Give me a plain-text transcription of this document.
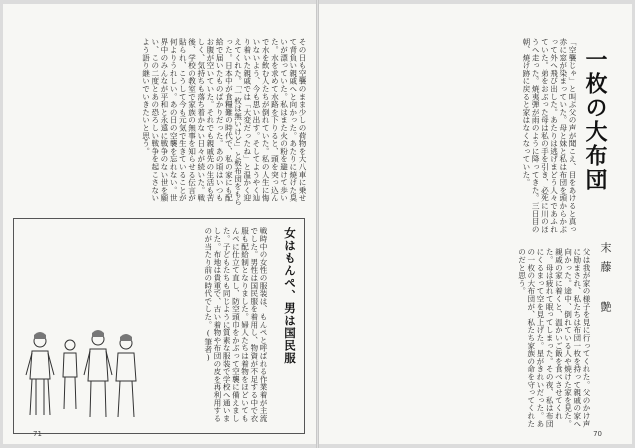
その日も空襲のまま少しの荷物を大八車に乗せて背負い親戚へと向かった。あたりに焼けた臭いが漂っていた。私はまた火の粉を避けて歩いた。水を求めて水路を下りると、頭を突っ込んで水を飲む人たちが倒れていた。私の人生に悔いないよう、今も思い出す。そしてようやく辿り着いた親戚では「大変だったね」と温かく迎えてくれた。「一枚は無いけど」と板布団をもらった。日本中が食糧難の時代で、私の家にも配給で届いたものばかりだった。あの頃はいつもお腹が空いていた。それでも親戚先の生活も苦しく、気持ちも落ち着かない日々が続いた。戦後、学校の教室で家族の無事を知らせる伝言が貼られ、こうして今も元気で生きていることが何よりうれしい。あの日の空襲を忘れない。世界中のみんなが平和と永遠に戦争のない世を願い、この二度とあの恐ろしい戦争を起こさないよう語り継いでいきたいと思う。
女はもんぺ、男は国民服
戦時中の女性の服装は、もんぺと呼ばれる作業着が主流でした。男性は国民服を着用し、物資が不足する中で衣服も配給制となりました。婦人たちは着物をほどいてもんぺに仕立て直し、防空頭巾をかぶって空襲に備えました。子どもたちも同じように質素な服装で学校へ通いました。布地は貴重で、古い着物や布団の皮を再利用するのが当たり前の時代でした。(筆者)
71
一枚の大布団
末藤 艶
「空襲じゃ」と叫ぶ父の声が聞こえ、目をあけると真っ赤に窓が染まっていた。母と妹と私は布団を頭からかぶって外へ飛び出した。あたりは逃げまどう人々であふれていた。弟をおぶった母は私の手を引き、必死に川のほうへ走った。焼夷弾が雨のように降ってきた。三日目の朝、焼け跡に戻ると家はなくなっていた。
父は我が家の様子を見に行ってくれた。父のかけ声に励まされ、私たちは布団一枚を持って親戚の家へ向かった。途中、倒れている人や焼けた家を見た。親戚の家に着くと、温かいご飯を食べさせてくれた。母は疲れて眠ってしまった。その夜、私は布団にくるまって空を見上げた。星がきれいだった。あの一枚の大布団が、私たち家族の命を守ってくれたのだと思う。
70
